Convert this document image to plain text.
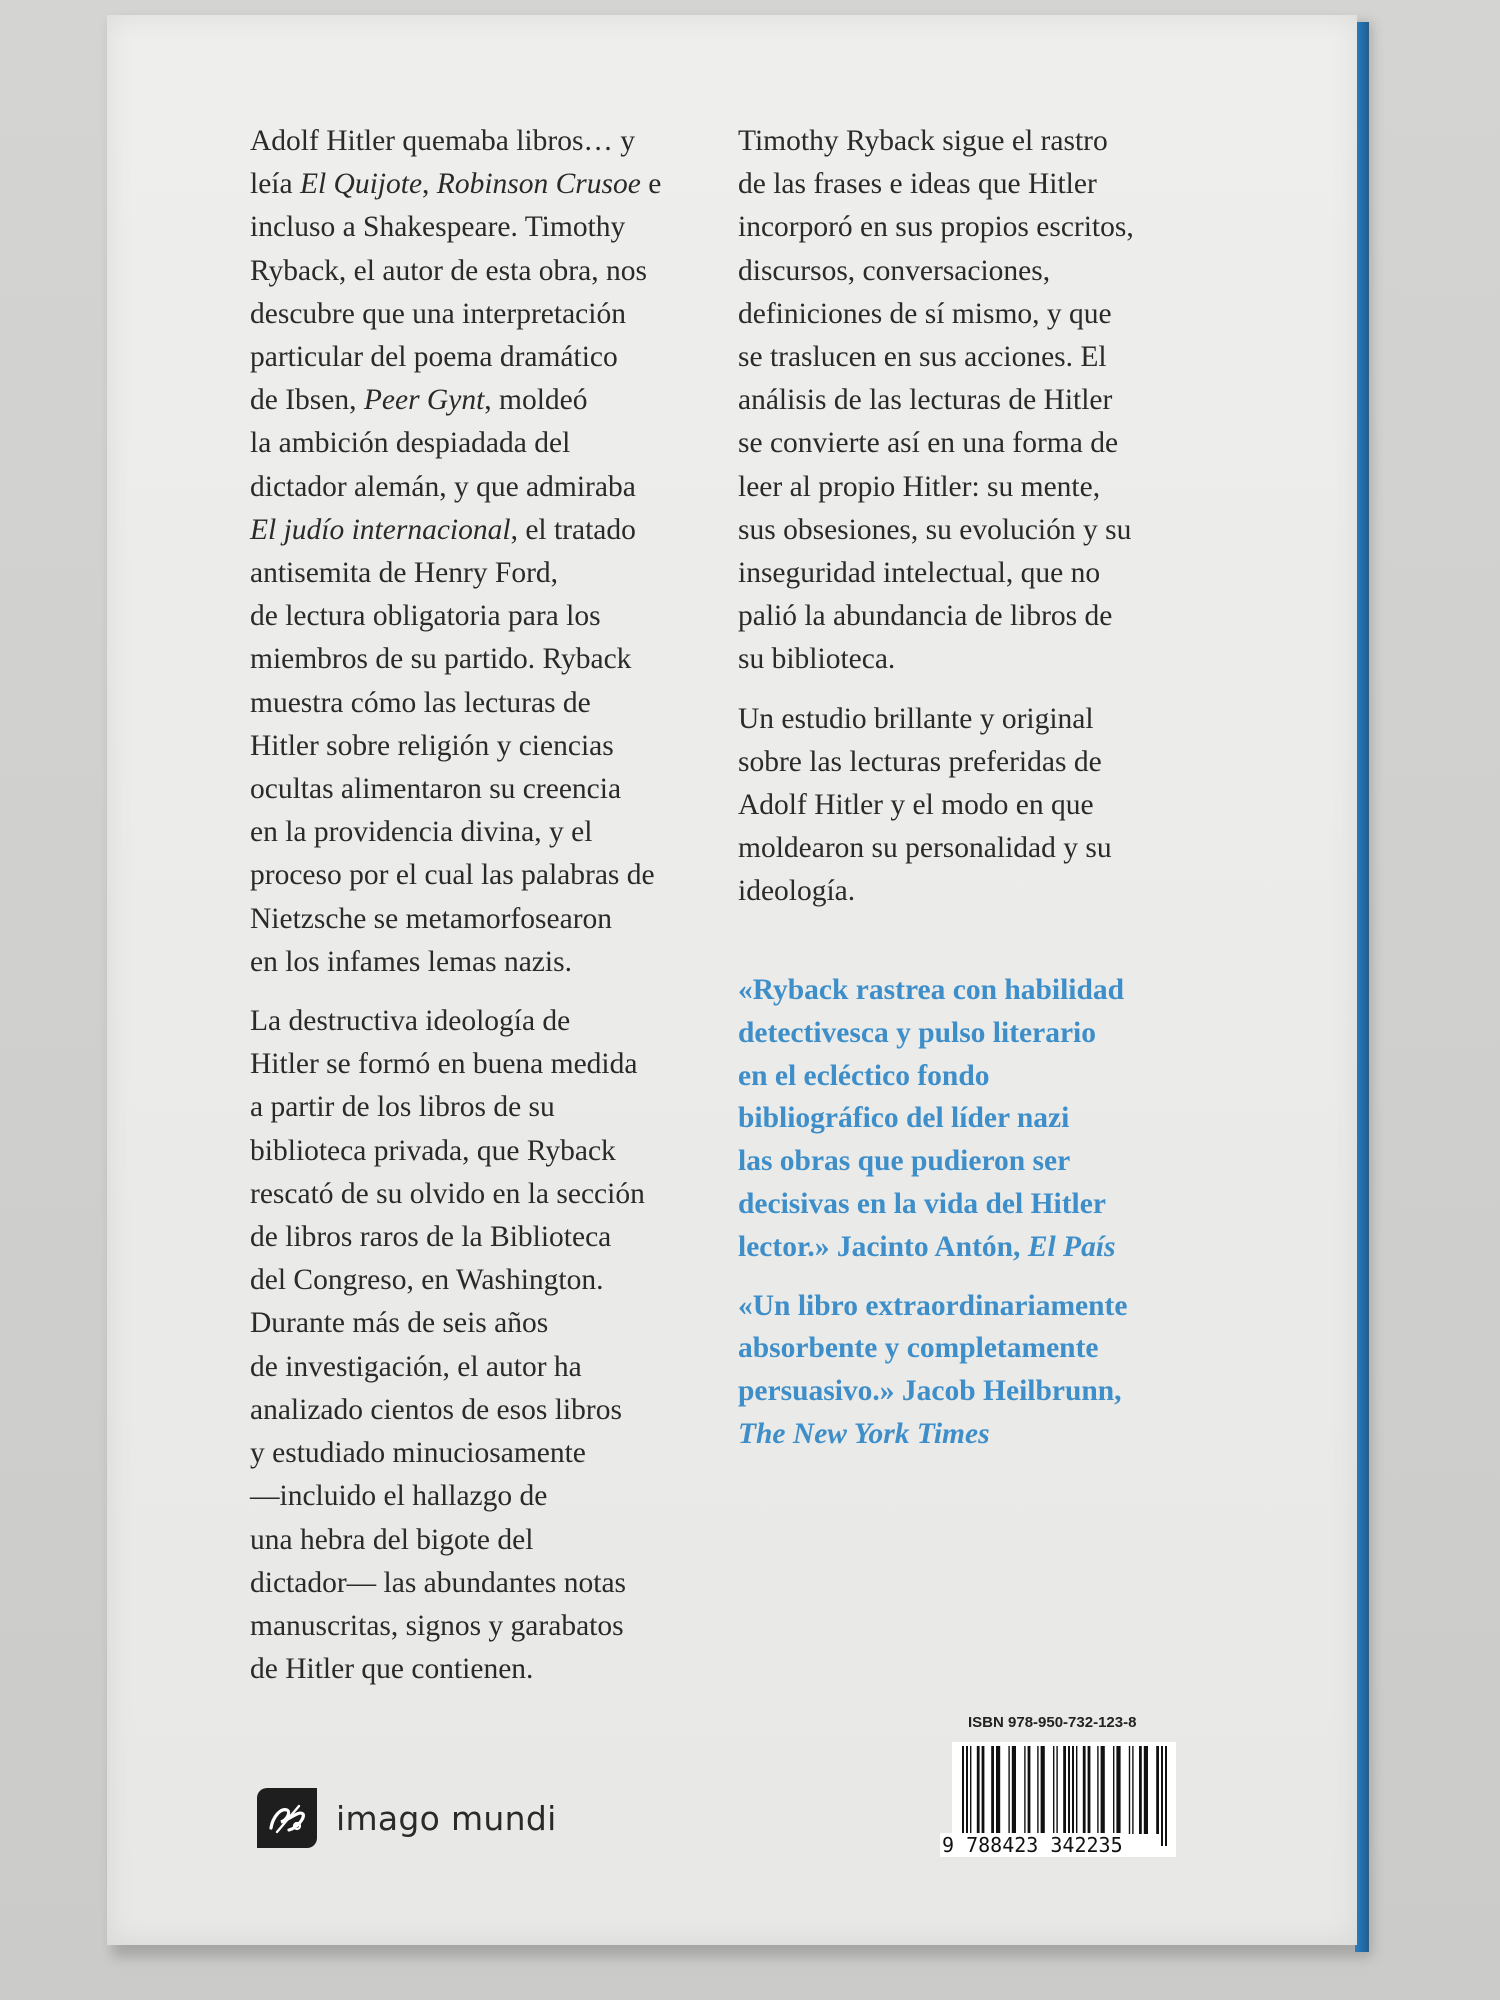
Adolf Hitler quemaba libros… y
leía El Quijote, Robinson Crusoe e
incluso a Shakespeare. Timothy
Ryback, el autor de esta obra, nos
descubre que una interpretación
particular del poema dramático
de Ibsen, Peer Gynt, moldeó
la ambición despiadada del
dictador alemán, y que admiraba
El judío internacional, el tratado
antisemita de Henry Ford,
de lectura obligatoria para los
miembros de su partido. Ryback
muestra cómo las lecturas de
Hitler sobre religión y ciencias
ocultas alimentaron su creencia
en la providencia divina, y el
proceso por el cual las palabras de
Nietzsche se metamorfosearon
en los infames lemas nazis.

La destructiva ideología de
Hitler se formó en buena medida
a partir de los libros de su
biblioteca privada, que Ryback
rescató de su olvido en la sección
de libros raros de la Biblioteca
del Congreso, en Washington.
Durante más de seis años
de investigación, el autor ha
analizado cientos de esos libros
y estudiado minuciosamente
—incluido el hallazgo de
una hebra del bigote del
dictador— las abundantes notas
manuscritas, signos y garabatos
de Hitler que contienen.

Timothy Ryback sigue el rastro
de las frases e ideas que Hitler
incorporó en sus propios escritos,
discursos, conversaciones,
definiciones de sí mismo, y que
se traslucen en sus acciones. El
análisis de las lecturas de Hitler
se convierte así en una forma de
leer al propio Hitler: su mente,
sus obsesiones, su evolución y su
inseguridad intelectual, que no
palió la abundancia de libros de
su biblioteca.

Un estudio brillante y original
sobre las lecturas preferidas de
Adolf Hitler y el modo en que
moldearon su personalidad y su
ideología.

«Ryback rastrea con habilidad
detectivesca y pulso literario
en el ecléctico fondo
bibliográfico del líder nazi
las obras que pudieron ser
decisivas en la vida del Hitler
lector.» Jacinto Antón, El País

«Un libro extraordinariamente
absorbente y completamente
persuasivo.» Jacob Heilbrunn,
The New York Times

imago mundi
ISBN 978-950-732-123-8
9 788423 342235
